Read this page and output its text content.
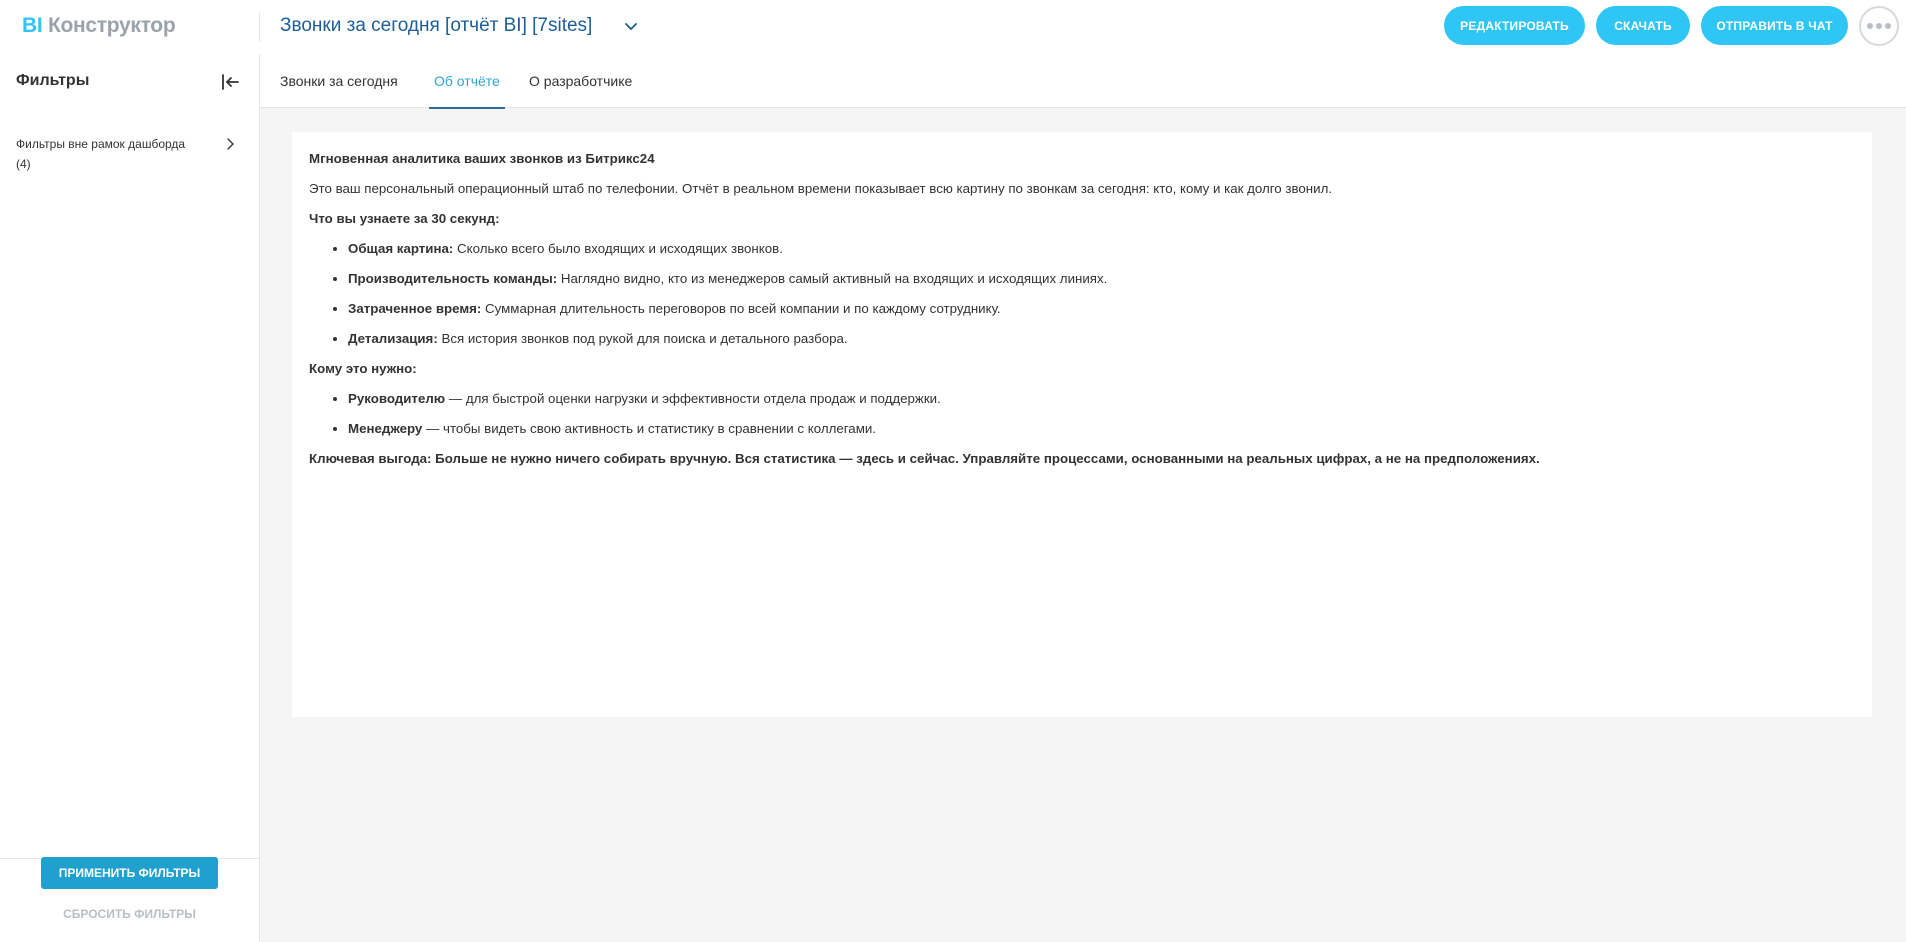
BI Конструктор	Звонки за сегодня [отчёт BI] [7sites]	РЕДАКТИРОВАТЬ	СКАЧАТЬ	ОТПРАВИТЬ В ЧАТ
Фильтры
Фильтры вне рамок дашборда
(4)
ПРИМЕНИТЬ ФИЛЬТРЫ
СБРОСИТЬ ФИЛЬТРЫ
Звонки за сегодня	Об отчёте	О разработчике

Мгновенная аналитика ваших звонков из Битрикс24

Это ваш персональный операционный штаб по телефонии. Отчёт в реальном времени показывает всю картину по звонкам за сегодня: кто, кому и как долго звонил.

Что вы узнаете за 30 секунд:

• Общая картина: Сколько всего было входящих и исходящих звонков.
• Производительность команды: Наглядно видно, кто из менеджеров самый активный на входящих и исходящих линиях.
• Затраченное время: Суммарная длительность переговоров по всей компании и по каждому сотруднику.
• Детализация: Вся история звонков под рукой для поиска и детального разбора.

Кому это нужно:

• Руководителю — для быстрой оценки нагрузки и эффективности отдела продаж и поддержки.
• Менеджеру — чтобы видеть свою активность и статистику в сравнении с коллегами.

Ключевая выгода: Больше не нужно ничего собирать вручную. Вся статистика — здесь и сейчас. Управляйте процессами, основанными на реальных цифрах, а не на предположениях.
